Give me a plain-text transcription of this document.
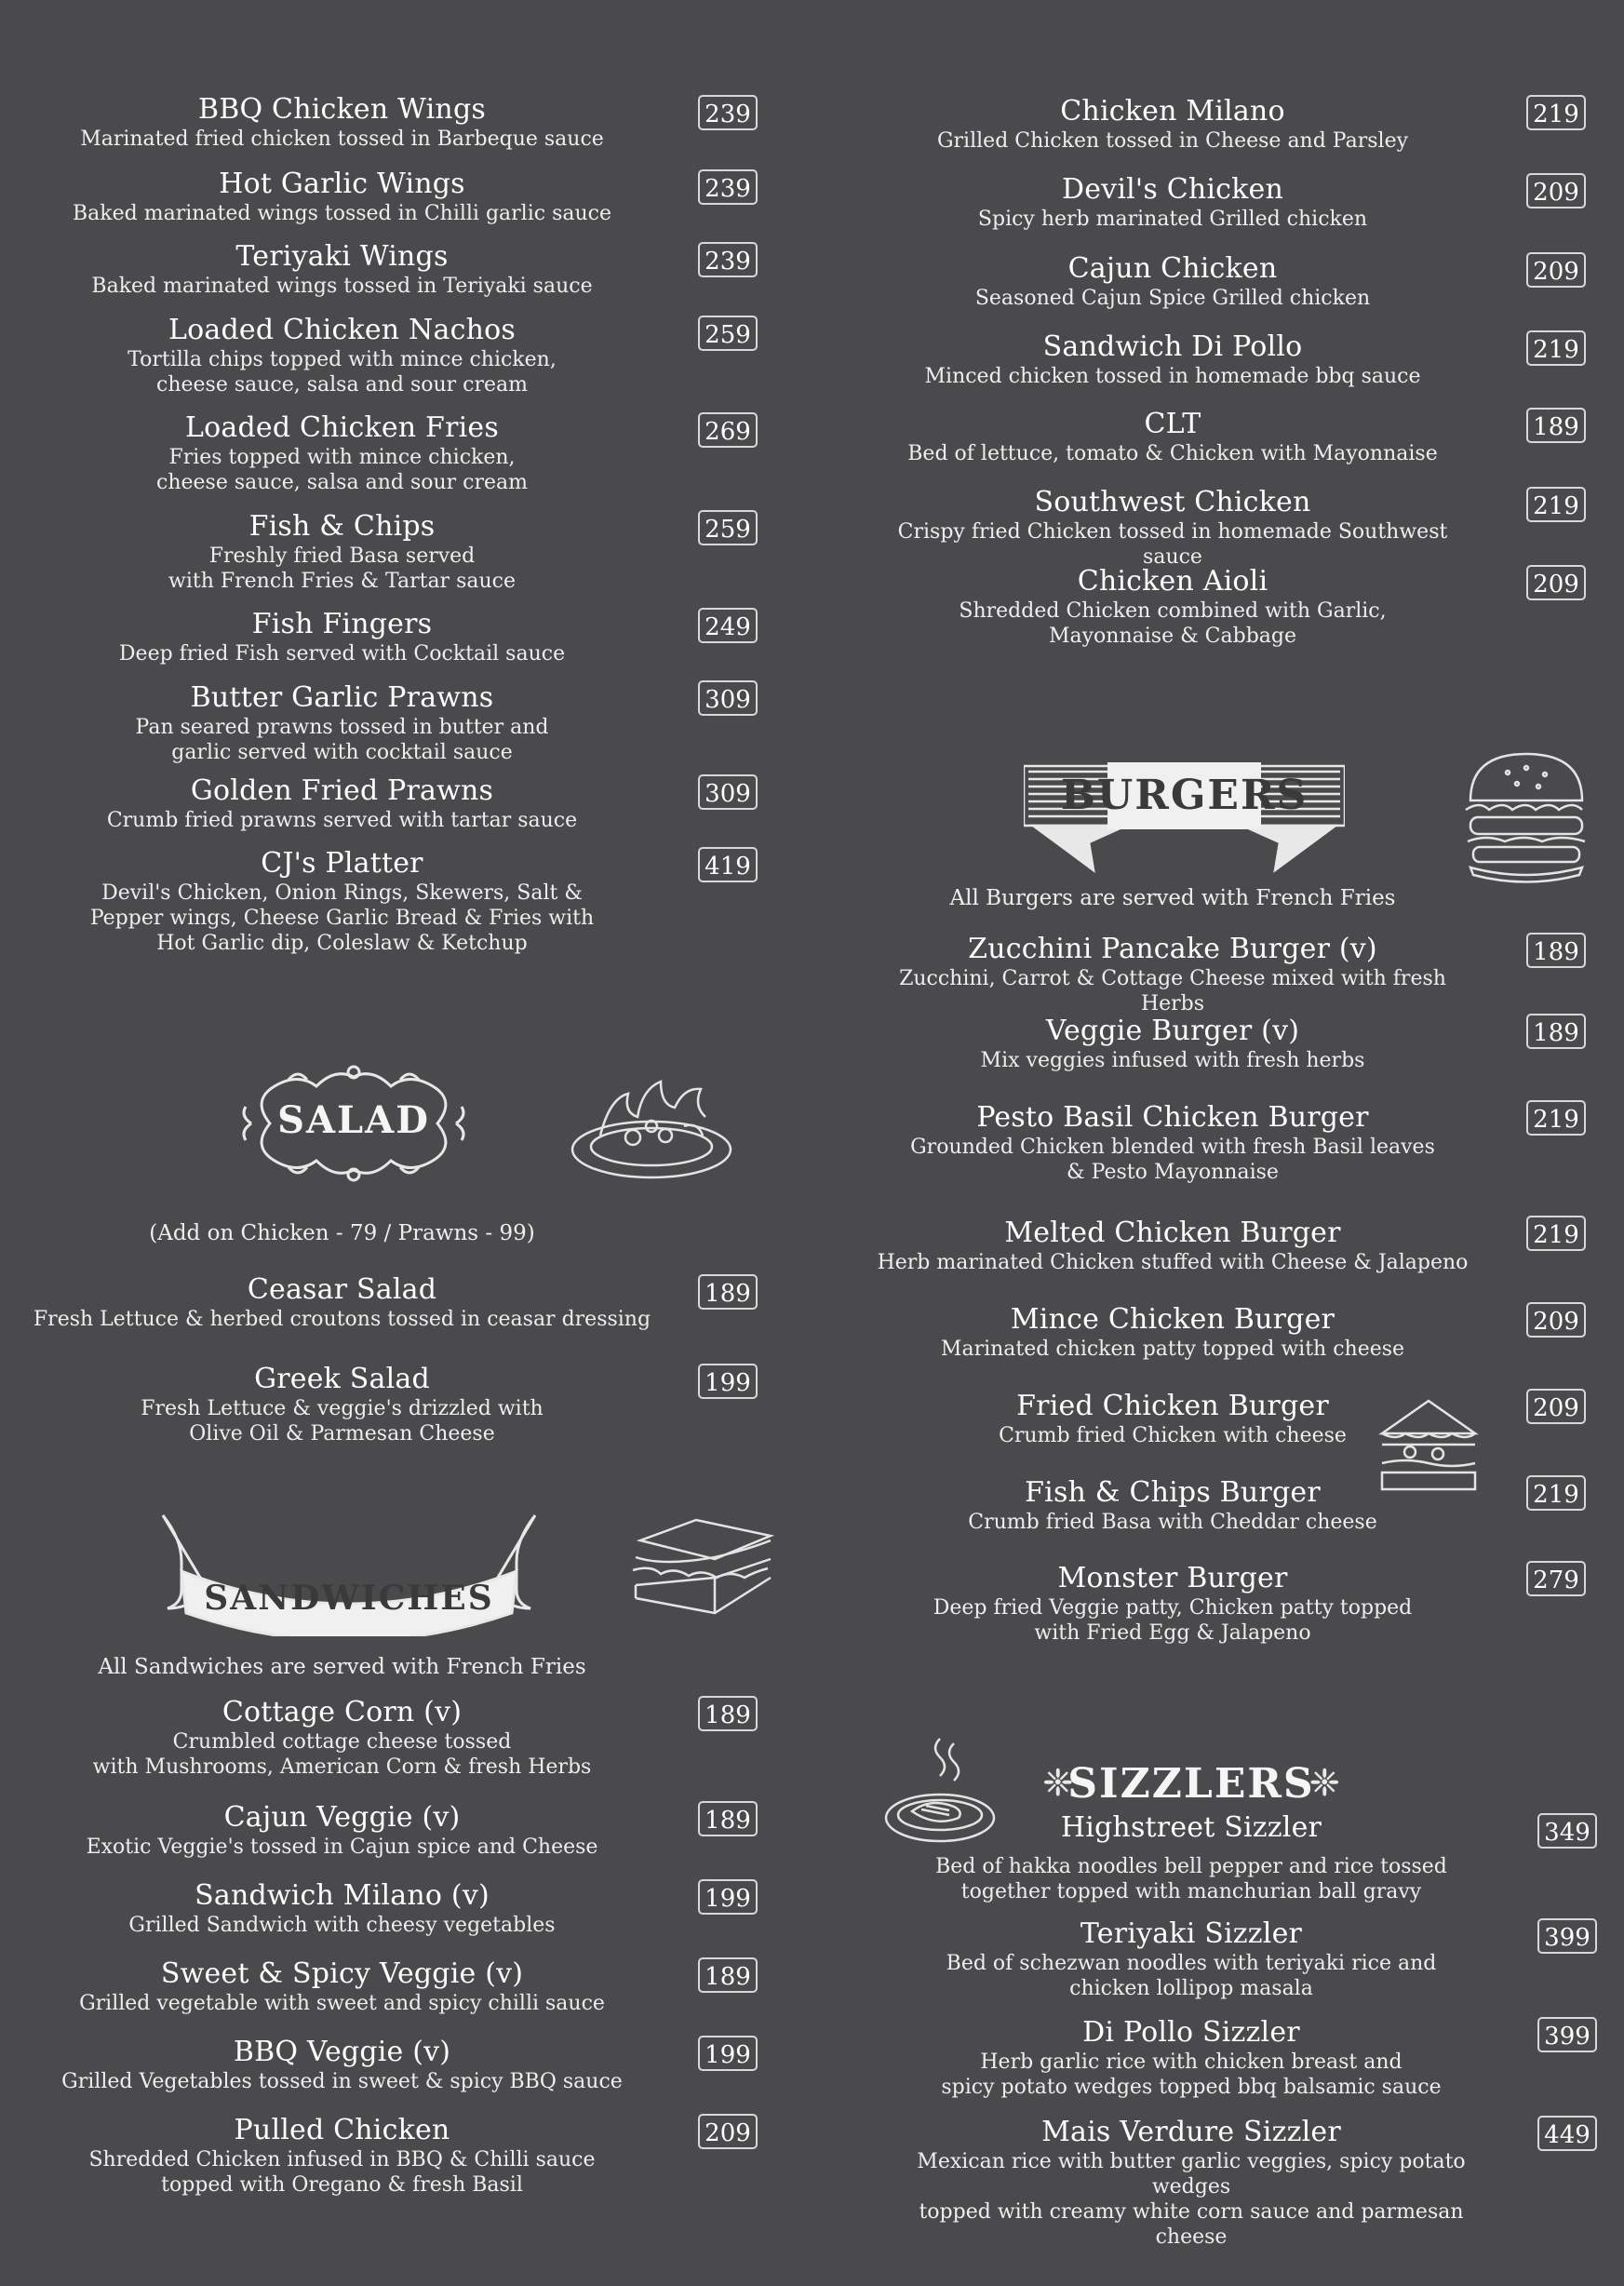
BBQ Chicken Wings
Marinated fried chicken tossed in Barbeque sauce
239
Hot Garlic Wings
Baked marinated wings tossed in Chilli garlic sauce
239
Teriyaki Wings
Baked marinated wings tossed in Teriyaki sauce
239
Loaded Chicken Nachos
Tortilla chips topped with mince chicken,
cheese sauce, salsa and sour cream
259
Loaded Chicken Fries
Fries topped with mince chicken,
cheese sauce, salsa and sour cream
269
Fish & Chips
Freshly fried Basa served
with French Fries & Tartar sauce
259
Fish Fingers
Deep fried Fish served with Cocktail sauce
249
Butter Garlic Prawns
Pan seared prawns tossed in butter and
garlic served with cocktail sauce
309
Golden Fried Prawns
Crumb fried prawns served with tartar sauce
309
CJ's Platter
Devil's Chicken, Onion Rings, Skewers, Salt &
Pepper wings, Cheese Garlic Bread & Fries with
Hot Garlic dip, Coleslaw & Ketchup
419
SALAD
(Add on Chicken - 79 / Prawns - 99)
Ceasar Salad
Fresh Lettuce & herbed croutons tossed in ceasar dressing
189
Greek Salad
Fresh Lettuce & veggie's drizzled with
Olive Oil & Parmesan Cheese
199
SANDWICHES
All Sandwiches are served with French Fries
Cottage Corn (v)
Crumbled cottage cheese tossed
with Mushrooms, American Corn & fresh Herbs
189
Cajun Veggie (v)
Exotic Veggie's tossed in Cajun spice and Cheese
189
Sandwich Milano (v)
Grilled Sandwich with cheesy vegetables
199
Sweet & Spicy Veggie (v)
Grilled vegetable with sweet and spicy chilli sauce
189
BBQ Veggie (v)
Grilled Vegetables tossed in sweet & spicy BBQ sauce
199
Pulled Chicken
Shredded Chicken infused in BBQ & Chilli sauce
topped with Oregano & fresh Basil
209
Chicken Milano
Grilled Chicken tossed in Cheese and Parsley
219
Devil's Chicken
Spicy herb marinated Grilled chicken
209
Cajun Chicken
Seasoned Cajun Spice Grilled chicken
209
Sandwich Di Pollo
Minced chicken tossed in homemade bbq sauce
219
CLT
Bed of lettuce, tomato & Chicken with Mayonnaise
189
Southwest Chicken
Crispy fried Chicken tossed in homemade Southwest sauce
219
Chicken Aioli
Shredded Chicken combined with Garlic,
Mayonnaise & Cabbage
209
BURGERS
All Burgers are served with French Fries
Zucchini Pancake Burger (v)
Zucchini, Carrot & Cottage Cheese mixed with fresh Herbs
189
Veggie Burger (v)
Mix veggies infused with fresh herbs
189
Pesto Basil Chicken Burger
Grounded Chicken blended with fresh Basil leaves
& Pesto Mayonnaise
219
Melted Chicken Burger
Herb marinated Chicken stuffed with Cheese & Jalapeno
219
Mince Chicken Burger
Marinated chicken patty topped with cheese
209
Fried Chicken Burger
Crumb fried Chicken with cheese
209
Fish & Chips Burger
Crumb fried Basa with Cheddar cheese
219
Monster Burger
Deep fried Veggie patty, Chicken patty topped
with Fried Egg & Jalapeno
279
❈
SIZZLERS
❈
Highstreet Sizzler
Bed of hakka noodles bell pepper and rice tossed
together topped with manchurian ball gravy
349
Teriyaki Sizzler
Bed of schezwan noodles with teriyaki rice and
chicken lollipop masala
399
Di Pollo Sizzler
Herb garlic rice with chicken breast and
spicy potato wedges topped bbq balsamic sauce
399
Mais Verdure Sizzler
Mexican rice with butter garlic veggies, spicy potato wedges
topped with creamy white corn sauce and parmesan cheese
449
